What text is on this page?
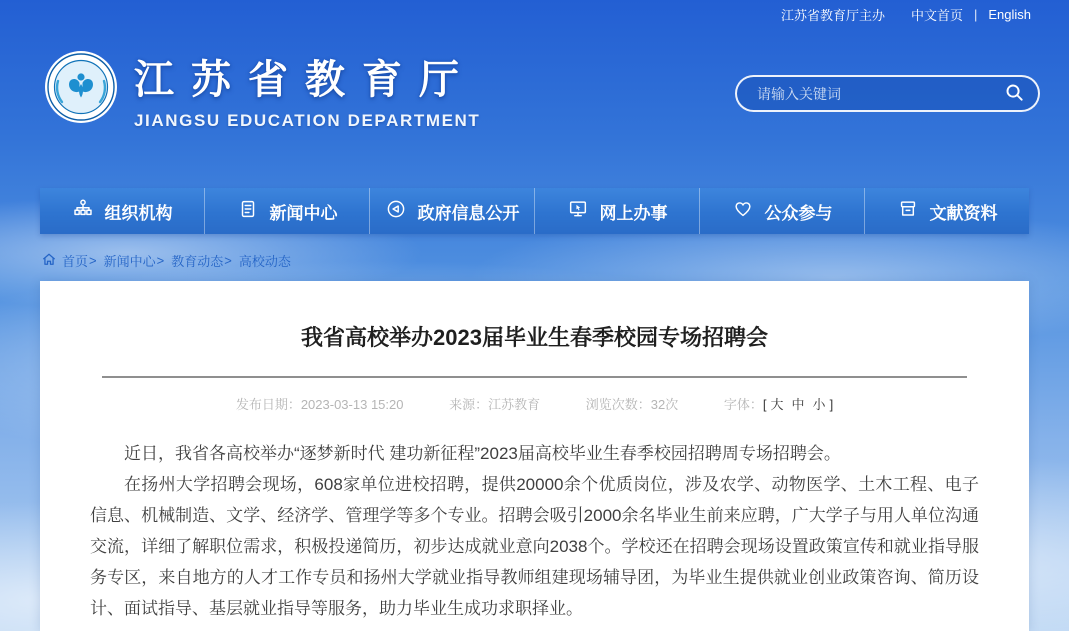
江苏省教育厅主办 中文首页 | English
江苏省教育厅
JIANGSU EDUCATION DEPARTMENT
请输入关键词
组织机构	新闻中心	政府信息公开	网上办事	公众参与	文献资料
首页 > 新闻中心 > 教育动态 > 高校动态
我省高校举办2023届毕业生春季校园专场招聘会
发布日期：2023-03-13 15:20	来源：江苏教育	浏览次数：32次	字体：[ 大 中 小 ]

近日，我省各高校举办“逐梦新时代 建功新征程”2023届高校毕业生春季校园招聘周专场招聘会。

在扬州大学招聘会现场，608家单位进校招聘，提供20000余个优质岗位，涉及农学、动物医学、土木工程、电子信息、机械制造、文学、经济学、管理学等多个专业。招聘会吸引2000余名毕业生前来应聘，广大学子与用人单位沟通交流，详细了解职位需求，积极投递简历，初步达成就业意向2038个。学校还在招聘会现场设置政策宣传和就业指导服务专区，来自地方的人才工作专员和扬州大学就业指导教师组建现场辅导团，为毕业生提供就业创业政策咨询、简历设计、面试指导、基层就业指导等服务，助力毕业生成功求职择业。
